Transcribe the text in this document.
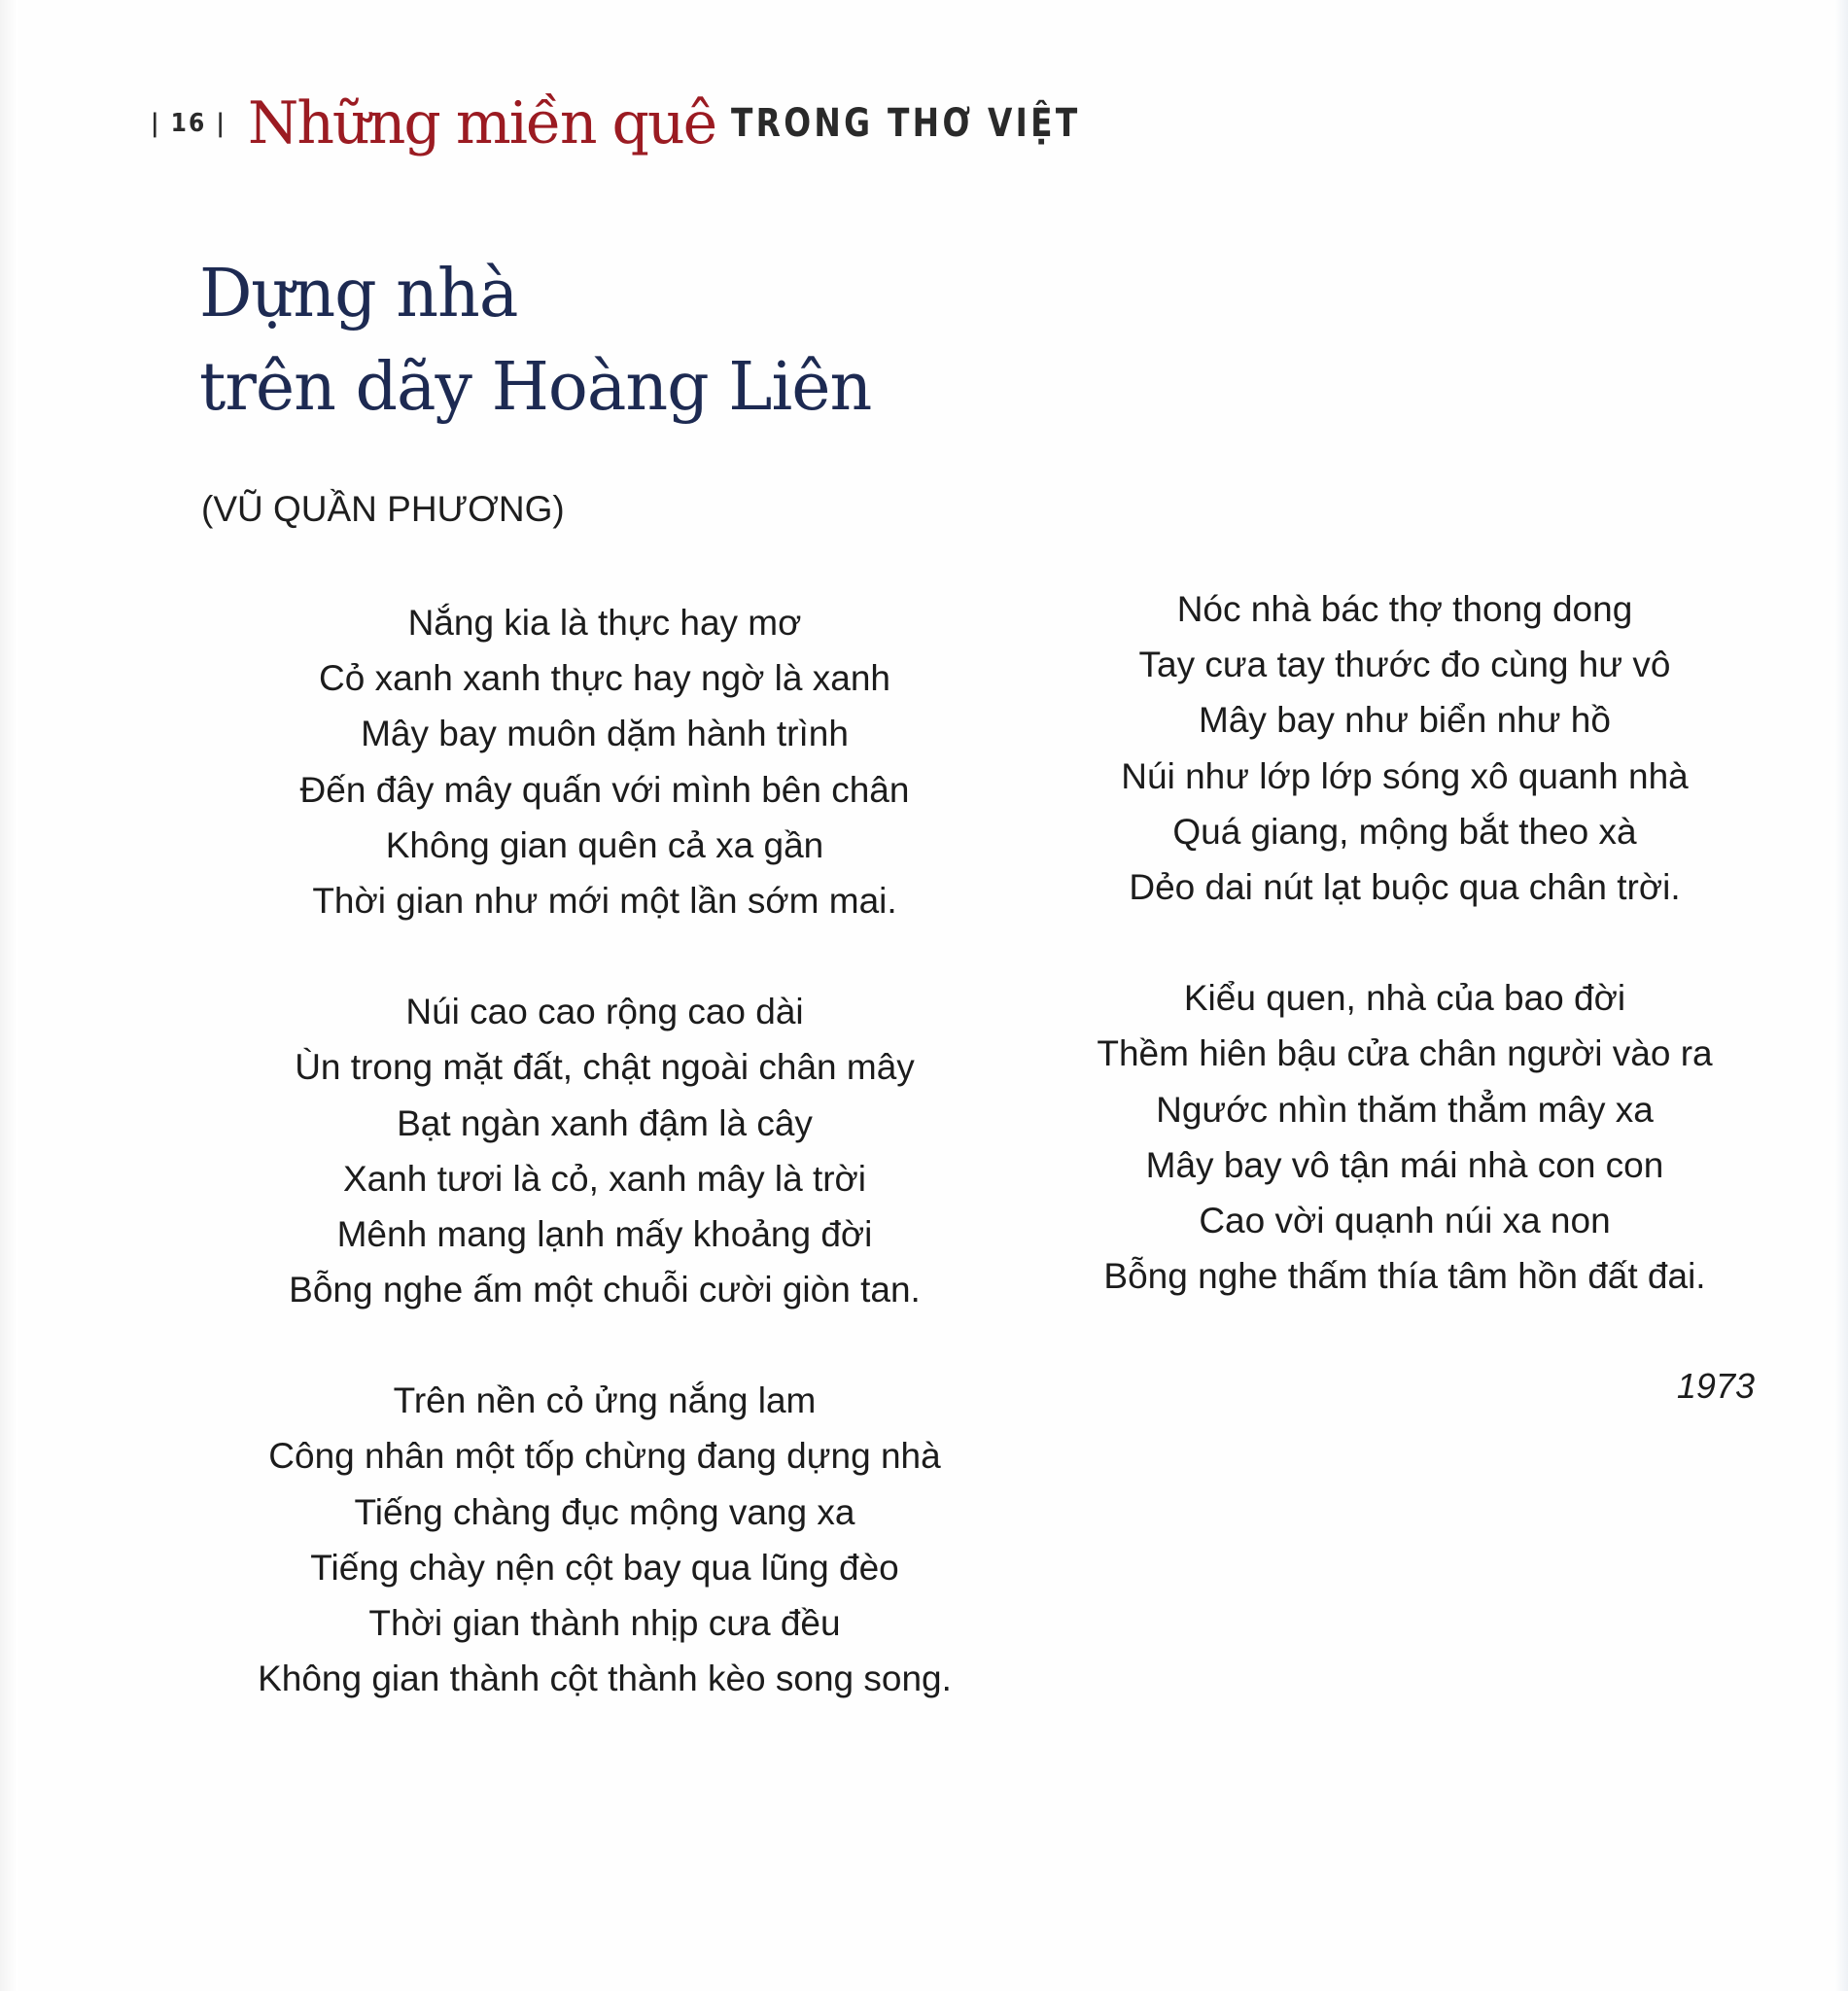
| 16 | Những miền quê TRONG THƠ VIỆT
Dựng nhà
trên dãy Hoàng Liên
(VŨ QUẦN PHƯƠNG)
Nắng kia là thực hay mơ
Cỏ xanh xanh thực hay ngờ là xanh
Mây bay muôn dặm hành trình
Đến đây mây quấn với mình bên chân
Không gian quên cả xa gần
Thời gian như mới một lần sớm mai.
Núi cao cao rộng cao dài
Ùn trong mặt đất, chật ngoài chân mây
Bạt ngàn xanh đậm là cây
Xanh tươi là cỏ, xanh mây là trời
Mênh mang lạnh mấy khoảng đời
Bỗng nghe ấm một chuỗi cười giòn tan.
Trên nền cỏ ửng nắng lam
Công nhân một tốp chừng đang dựng nhà
Tiếng chàng đục mộng vang xa
Tiếng chày nện cột bay qua lũng đèo
Thời gian thành nhịp cưa đều
Không gian thành cột thành kèo song song.
Nóc nhà bác thợ thong dong
Tay cưa tay thước đo cùng hư vô
Mây bay như biển như hồ
Núi như lớp lớp sóng xô quanh nhà
Quá giang, mộng bắt theo xà
Dẻo dai nút lạt buộc qua chân trời.
Kiểu quen, nhà của bao đời
Thềm hiên bậu cửa chân người vào ra
Ngước nhìn thăm thẳm mây xa
Mây bay vô tận mái nhà con con
Cao vời quạnh núi xa non
Bỗng nghe thấm thía tâm hồn đất đai.
1973
